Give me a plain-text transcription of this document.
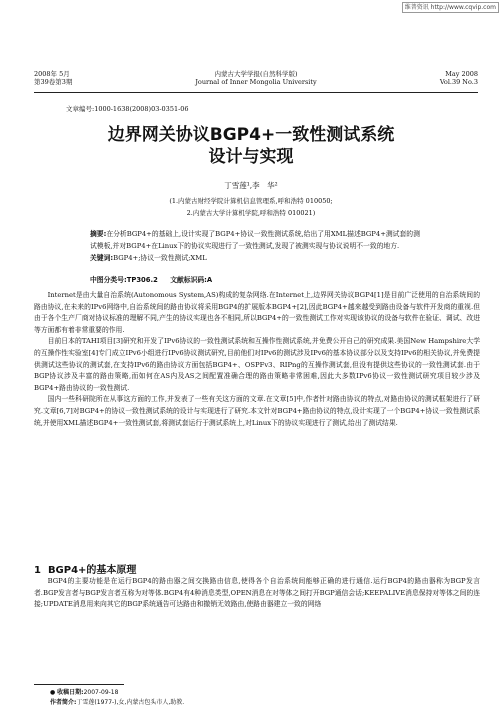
维普资讯 http://www.cqvip.com
2008年 5月
第39卷第3期
内蒙古大学学报(自然科学版)
Journal of Inner Mongolia University
May 2008
Vol.39 No.3
文章编号:1000-1638(2008)03-0351-06
边界网关协议BGP4+一致性测试系统
设计与实现
丁雪莲¹,李　华²
(1.内蒙古财经学院计算机信息管理系,呼和浩特 010050;
2.内蒙古大学计算机学院,呼和浩特 010021)
摘要:在分析BGP4+的基础上,设计实现了BGP4+协议一致性测试系统,给出了用XML描述BGP4+测试套的测试模板,并对BGP4+在Linux下的协议实现进行了一致性测试,发现了被测实现与协议说明不一致的地方.
关键词:BGP4+;协议一致性测试;XML
中图分类号:TP306.2 文献标识码:A

Internet是由大量自治系统(Autonomous System,AS)构成的复杂网络.在Internet上,边界网关协议BGP4[1]是目前广泛使用的自治系统间的路由协议,在未来的IPv6网络中,自治系统间的路由协议将采用BGP4的扩展版本BGP4+[2],因此BGP4+越来越受到路由设备与软件开发商的重视.但由于各个生产厂商对协议标准的理解不同,产生的协议实现也各不相同,所以BGP4+的一致性测试工作对实现该协议的设备与软件在验证、调试、改进等方面都有着非常重要的作用.

目前日本的TAHI项目[3]研究和开发了IPv6协议的一致性测试系统和互操作性测试系统,并免费公开自己的研究成果.美国New Hampshire大学的互操作性实验室[4]专门成立IPv6小组进行IPv6协议测试研究,目前他们对IPv6的测试涉及IPv6的基本协议部分以及支持IPv6的相关协议,并免费提供测试这些协议的测试套,在支持IPv6的路由协议方面包括BGP4+、OSPFv3、RIPng的互操作测试套,但没有提供这些协议的一致性测试套.由于BGP协议涉及丰富的路由策略,而如何在AS内及AS之间配置准确合理的路由策略非常困难,因此大多数IPv6协议一致性测试研究项目较少涉及BGP4+路由协议的一致性测试.

国内一些科研院所在从事这方面的工作,并发表了一些有关这方面的文章.在文章[5]中,作者针对路由协议的特点,对路由协议的测试框架进行了研究.文章[6,7]对BGP4+的协议一致性测试系统的设计与实现进行了研究.本文针对BGP4+路由协议的特点,设计实现了一个BGP4+协议一致性测试系统,并使用XML描述BGP4+一致性测试套,将测试套运行于测试系统上,对Linux下的协议实现进行了测试,给出了测试结果.

1 BGP4+的基本原理

BGP4的主要功能是在运行BGP4的路由器之间交换路由信息,使得各个自治系统间能够正确的进行通信.运行BGP4的路由器称为BGP发言者.BGP发言者与BGP发言者互称为对等体.BGP4有4种消息类型,OPEN消息在对等体之间打开BGP通信会话;KEEPALIVE消息保持对等体之间的连接;UPDATE消息用来向其它的BGP系统通告可达路由和撤销无效路由,使路由器建立一致的网络

● 收稿日期:2007-09-18
作者简介:丁雪莲(1977-),女,内蒙古包头市人,助教.
